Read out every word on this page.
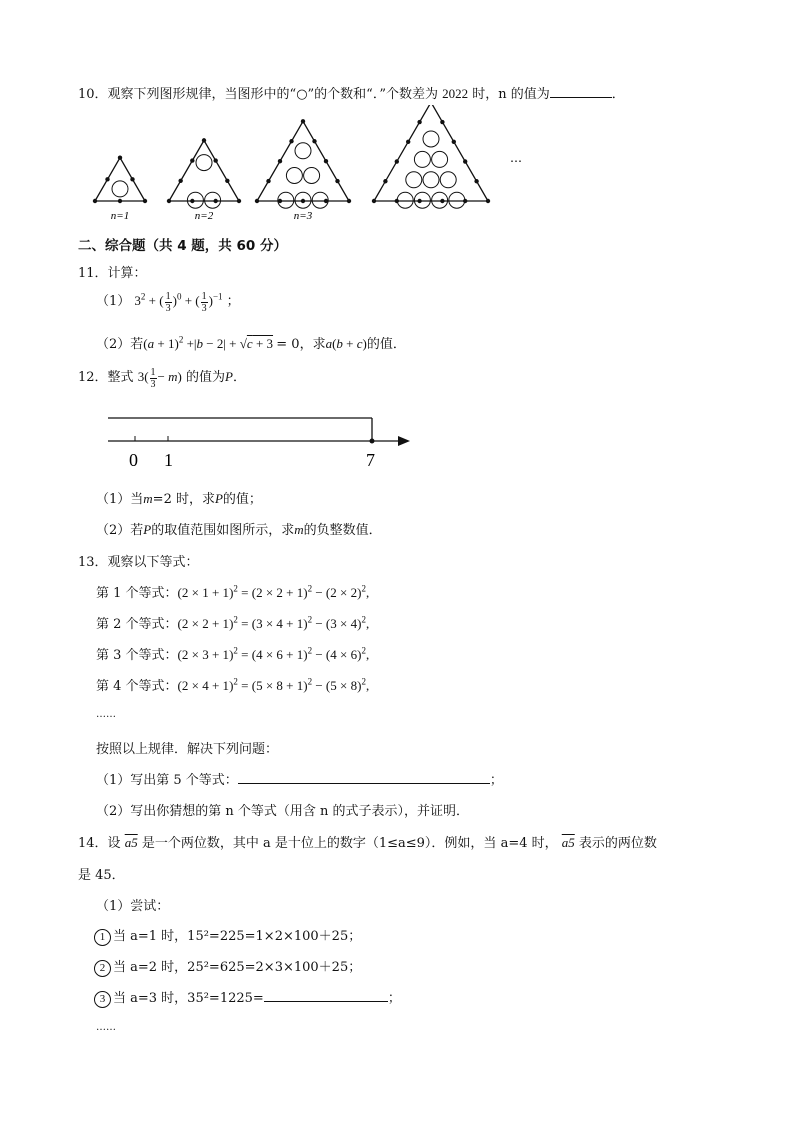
10．观察下列图形规律，当图形中的“○”的个数和“．”个数差为 2022 时，n 的值为	．
n=1	n=2	n=3
…
二、综合题（共 4 题，共 60 分）
11．计算：
（1） $3^2$ + ( $\frac{1}{3} )^0$ + ( $\frac{1}{3} )^{-1}$ ；
（2）若$(a + 1)^2 +|b - 2| + √c + 3 = 0$，求a(b + c)的值．
12．整式 $3( \frac{1}{3} - m)$ 的值为P．
0 1	7
（1）当m=2 时，求P的值；
（2）若P的取值范围如图所示，求m的负整数值．
13．观察以下等式：
第 1 个等式：$(2 \times 1 + 1)^2 = (2 \times 2 + 1)^2 - (2 \times 2)^2$,
第 2 个等式：$(2 \times 2 + 1)^2 = (3 \times 4 + 1)^2 - (3 \times 4)^2$,
第 3 个等式：$(2 \times 3 + 1)^2 = (4 \times 6 + 1)^2 - (4 \times 6)^2$,
第 4 个等式：$(2 \times 4 + 1)^2 = (5 \times 8 + 1)^2 - (5 \times 8)^2$,
……
按照以上规律．解决下列问题：
（1）写出第 5 个等式：	；
（2）写出你猜想的第 n 个等式（用含 n 的式子表示），并证明．
14．设 a5 是一个两位数，其中 a 是十位上的数字（1≤a≤9）．例如，当 a=4 时， a5 表示的两位数
是 45．
（1）尝试：
1 当 a=1 时，15²=225=1×2×100＋25；
2 当 a=2 时，25²=625=2×3×100＋25；
3 当 a=3 时，35²=1225=	；
……
